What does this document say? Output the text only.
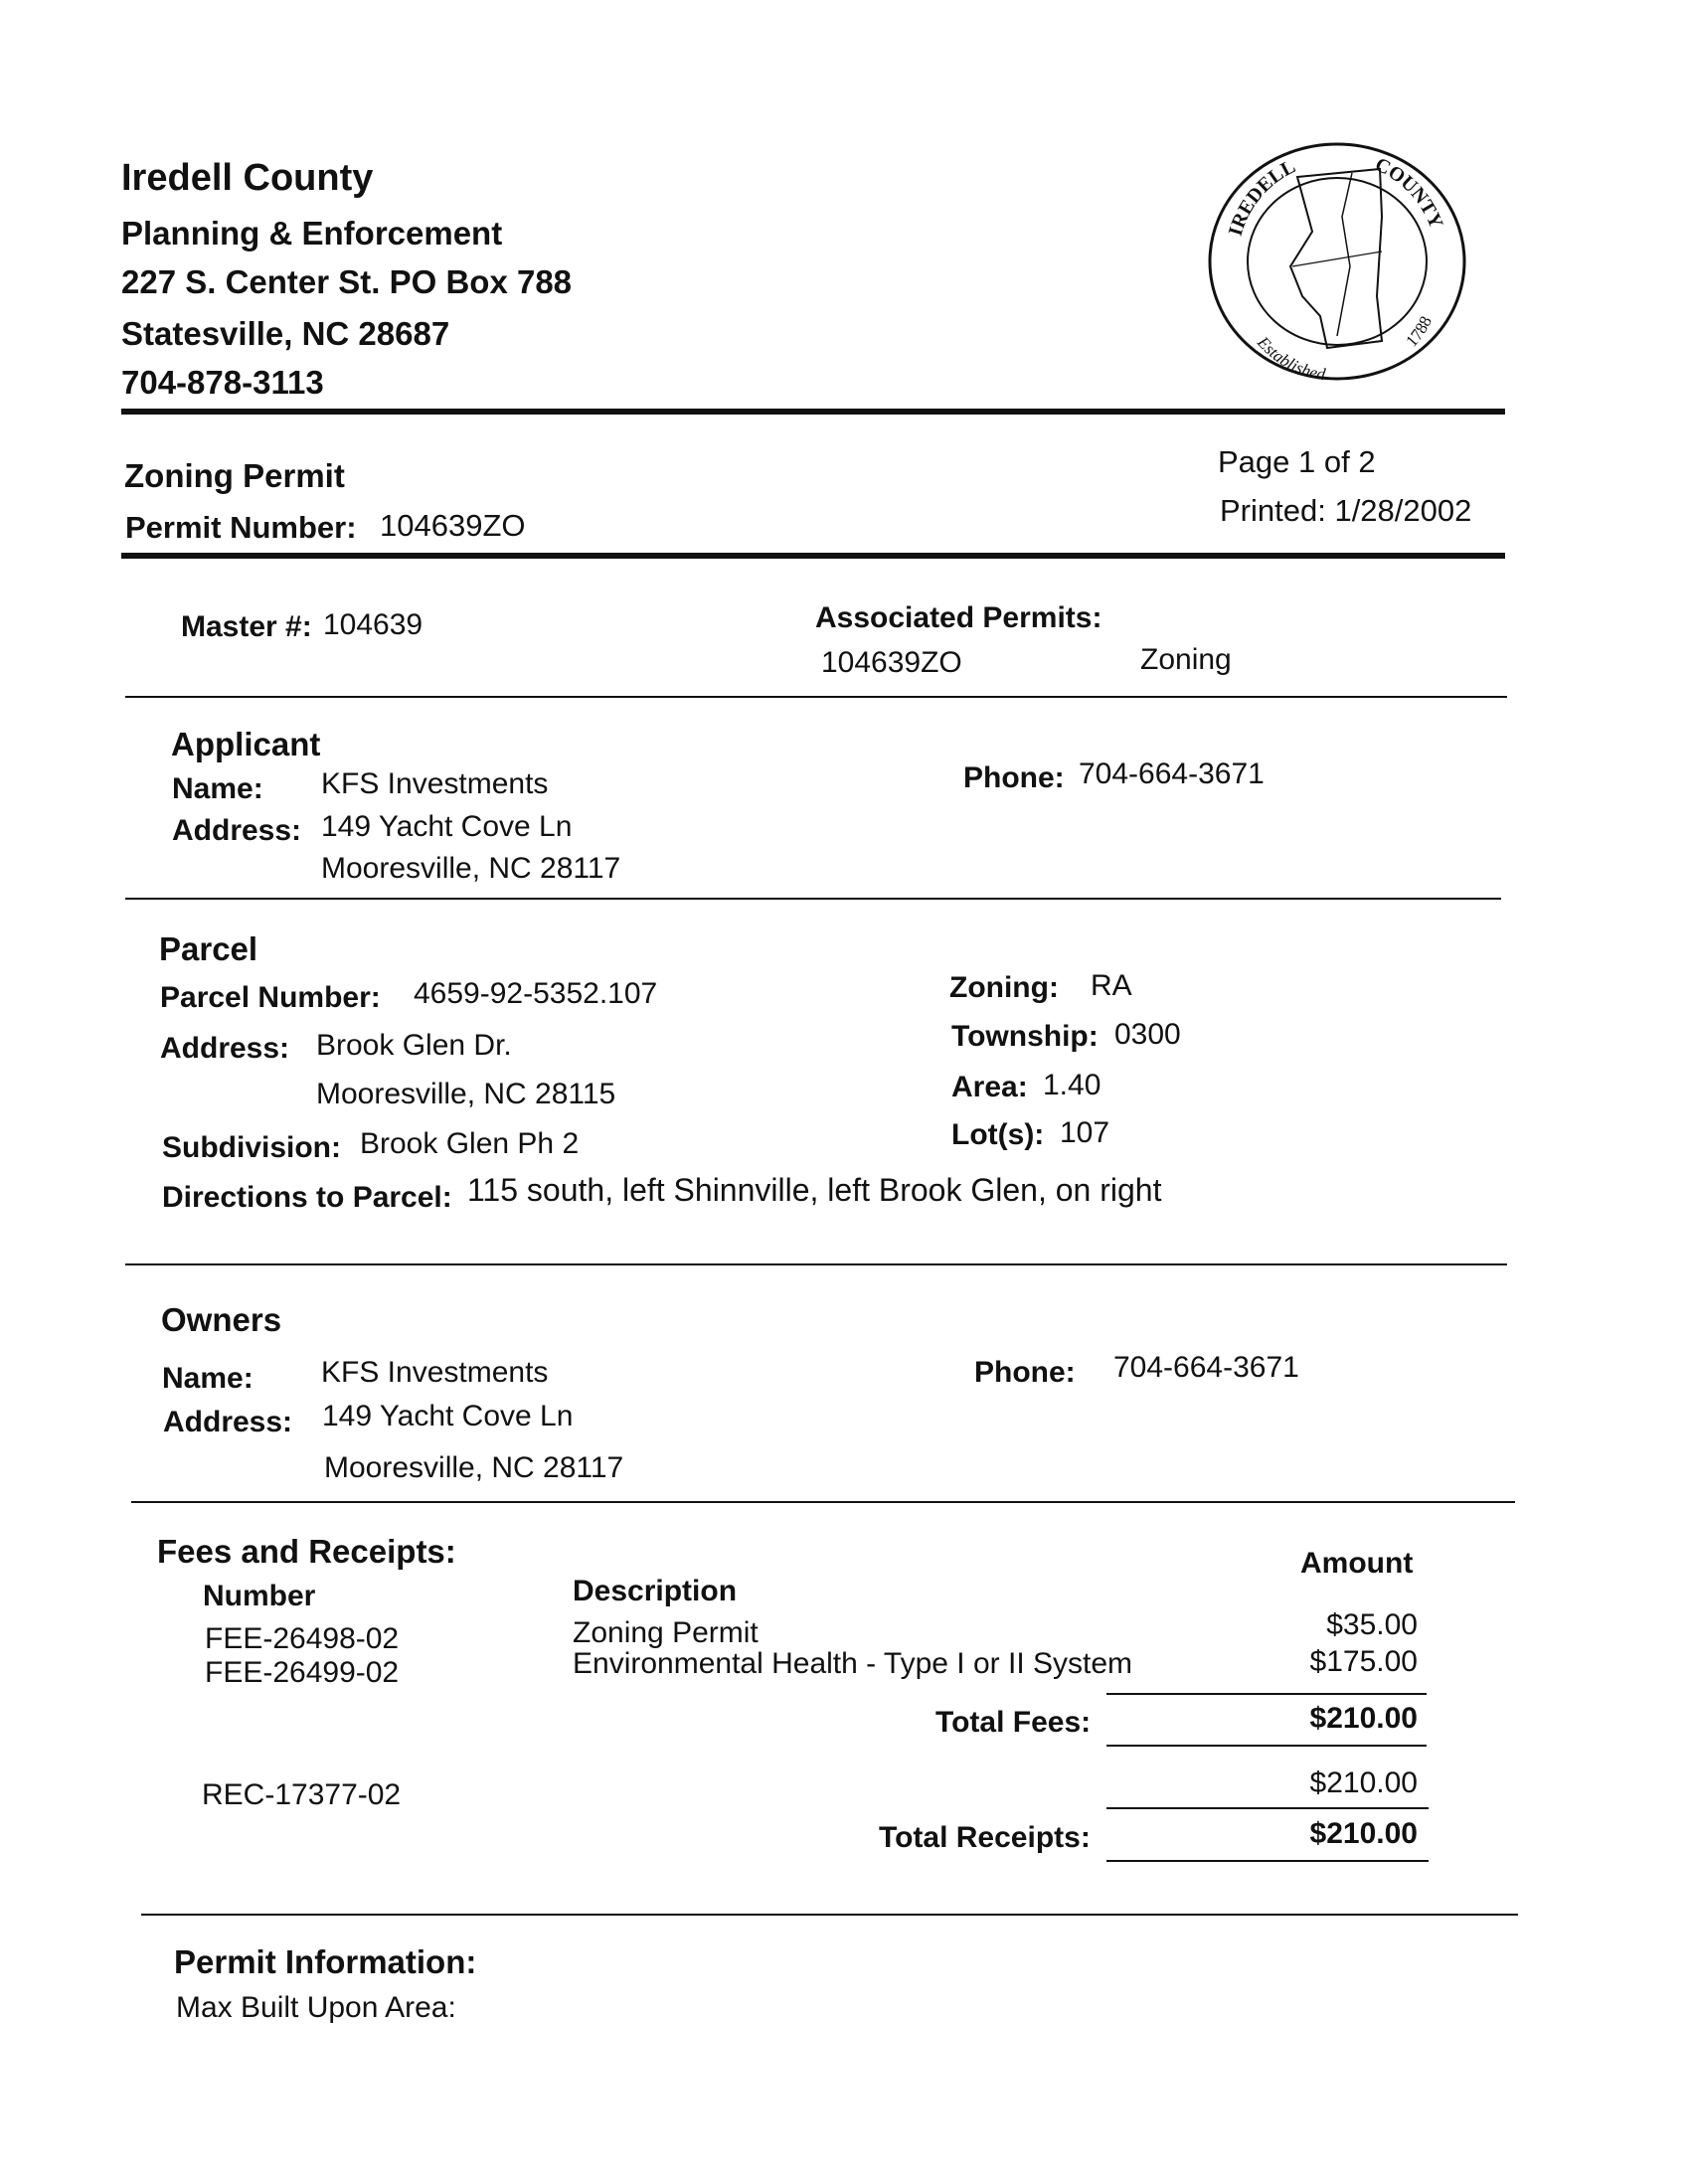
Iredell County
Planning & Enforcement
227 S. Center St. PO Box 788
Statesville, NC 28687
704-878-3113
IREDELL	COUNTY
Established
1788
Zoning Permit
Permit Number: 104639ZO
Page 1 of 2
Printed: 1/28/2002
Master #: 104639	Associated Permits:
104639ZO	Zoning
Applicant
Name: KFS Investments
Address: 149 Yacht Cove Ln
Mooresville, NC 28117
Phone: 704-664-3671
Parcel
Parcel Number: 4659-92-5352.107
Address: Brook Glen Dr.
Mooresville, NC 28115
Subdivision: Brook Glen Ph 2
Directions to Parcel: 115 south, left Shinnville, left Brook Glen, on right
Zoning: RA
Township: 0300
Area: 1.40
Lot(s): 107
Owners
Name: KFS Investments
Address: 149 Yacht Cove Ln
Mooresville, NC 28117
Phone: 704-664-3671
Fees and Receipts:
Number	Description
Amount
FEE-26498-02	Zoning Permit	$35.00
FEE-26499-02	Environmental Health - Type I or II System	$175.00
Total Fees:	$210.00
REC-17377-02	$210.00
Total Receipts:	$210.00
Permit Information:
Max Built Upon Area:
